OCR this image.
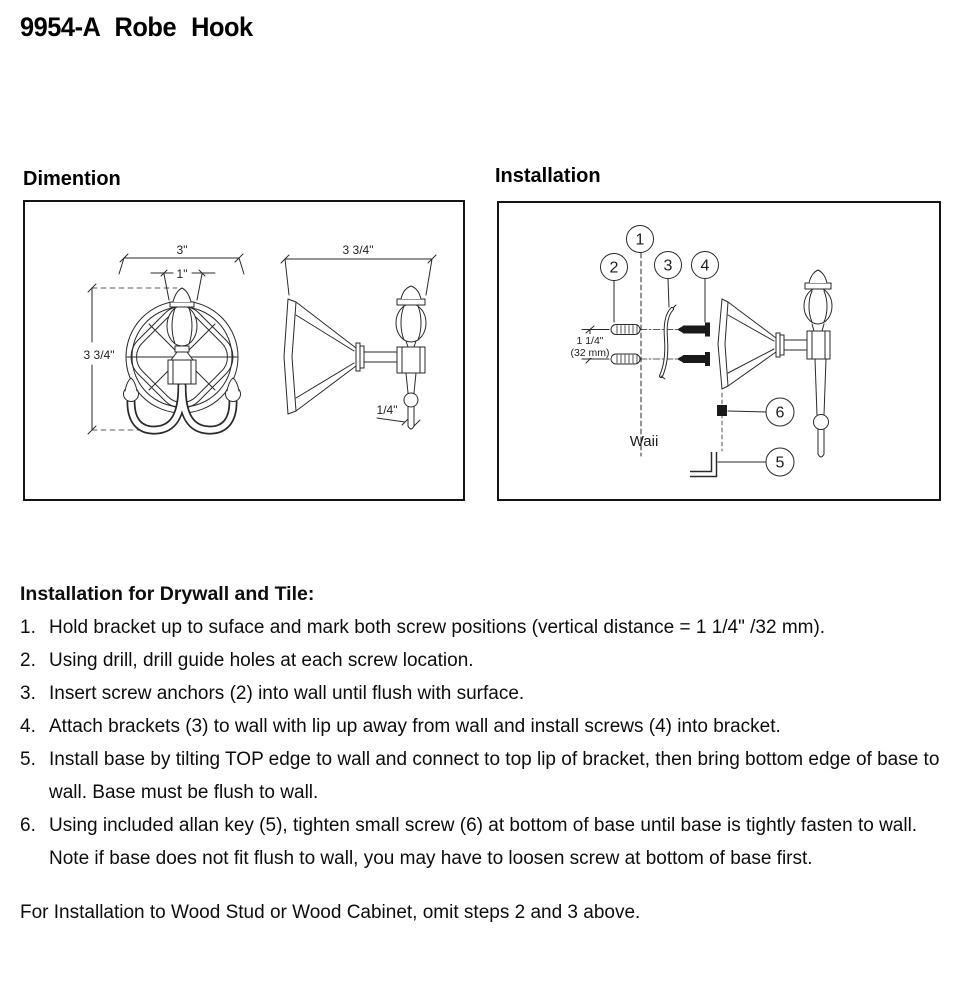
9954-A Robe Hook
Dimention
3"
1"
3 3/4"
3 3/4"
1/4"
Installation
1
2	3 4
1 1/4"
(32 mm)
6
5
Waii
Installation for Drywall and Tile:
1. Hold bracket up to suface and mark both screw positions (vertical distance = 1 1/4" /32 mm).
2. Using drill, drill guide holes at each screw location.
3. Insert screw anchors (2) into wall until flush with surface.
4. Attach brackets (3) to wall with lip up away from wall and install screws (4) into bracket.
5. Install base by tilting TOP edge to wall and connect to top lip of bracket, then bring bottom edge of base to wall. Base must be flush to wall.
6. Using included allan key (5), tighten small screw (6) at bottom of base until base is tightly fasten to wall. Note if base does not fit flush to wall, you may have to loosen screw at bottom of base first.
For Installation to Wood Stud or Wood Cabinet, omit steps 2 and 3 above.
